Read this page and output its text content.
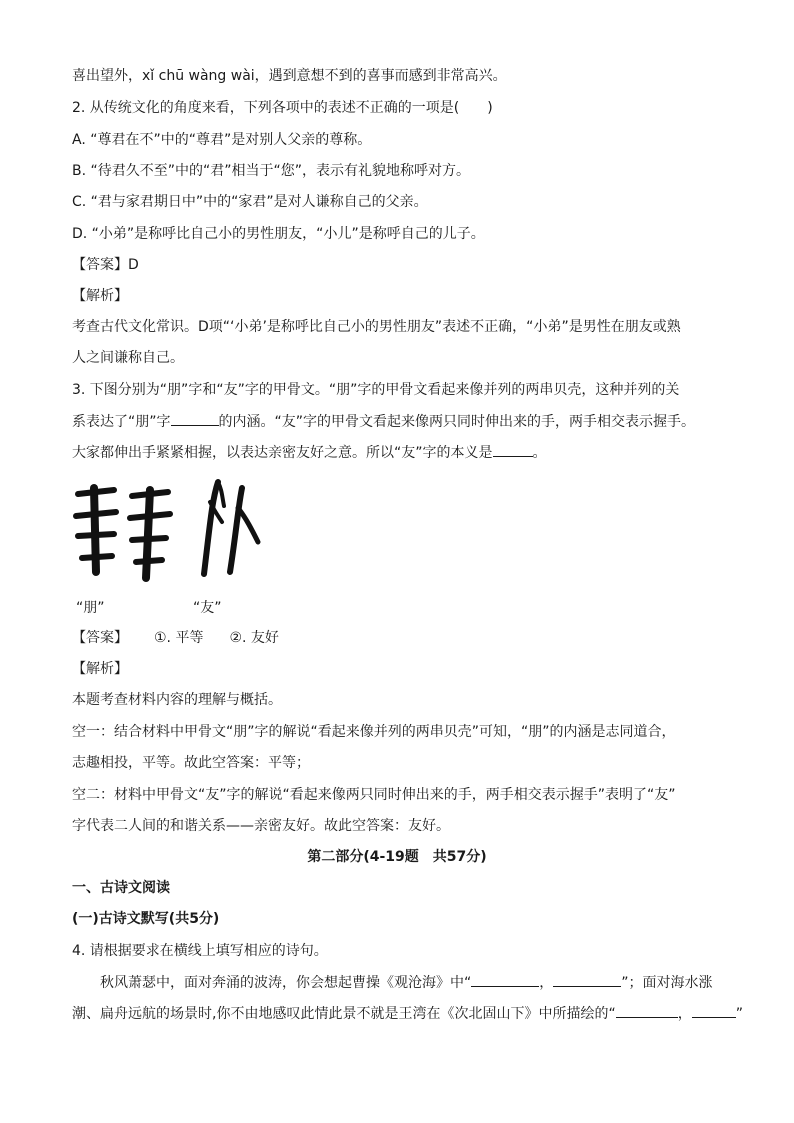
喜出望外，xǐ chū wàng wài，遇到意想不到的喜事而感到非常高兴。
2. 从传统文化的角度来看，下列各项中的表述不正确的一项是(　　)
A. “尊君在不”中的“尊君”是对别人父亲的尊称。
B. “待君久不至”中的“君”相当于“您”，表示有礼貌地称呼对方。
C. “君与家君期日中”中的“家君”是对人谦称自己的父亲。
D. “小弟”是称呼比自己小的男性朋友，“小儿”是称呼自己的儿子。
【答案】D
【解析】
考查古代文化常识。D项“‘小弟’是称呼比自己小的男性朋友”表述不正确，“小弟”是男性在朋友或熟
人之间谦称自己。
3. 下图分别为“朋”字和“友”字的甲骨文。“朋”字的甲骨文看起来像并列的两串贝壳，这种并列的关
系表达了“朋”字	的内涵。“友”字的甲骨文看起来像两只同时伸出来的手，两手相交表示握手。
大家都伸出手紧紧相握，以表达亲密友好之意。所以“友”字的本义是	。
“朋”	“友”
【答案】 ①. 平等 ②. 友好
【解析】
本题考查材料内容的理解与概括。
空一：结合材料中甲骨文“朋”字的解说“看起来像并列的两串贝壳”可知，“朋”的内涵是志同道合，
志趣相投，平等。故此空答案：平等；
空二：材料中甲骨文“友”字的解说“看起来像两只同时伸出来的手，两手相交表示握手”表明了“友”
字代表二人间的和谐关系——亲密友好。故此空答案：友好。
第二部分(4-19题　共57分)
一、古诗文阅读
(一)古诗文默写(共5分)
4. 请根据要求在横线上填写相应的诗句。
秋风萧瑟中，面对奔涌的波涛，你会想起曹操《观沧海》中“	，	”；面对海水涨
潮、扁舟远航的场景时,你不由地感叹此情此景不就是王湾在《次北固山下》中所描绘的“	，	”
